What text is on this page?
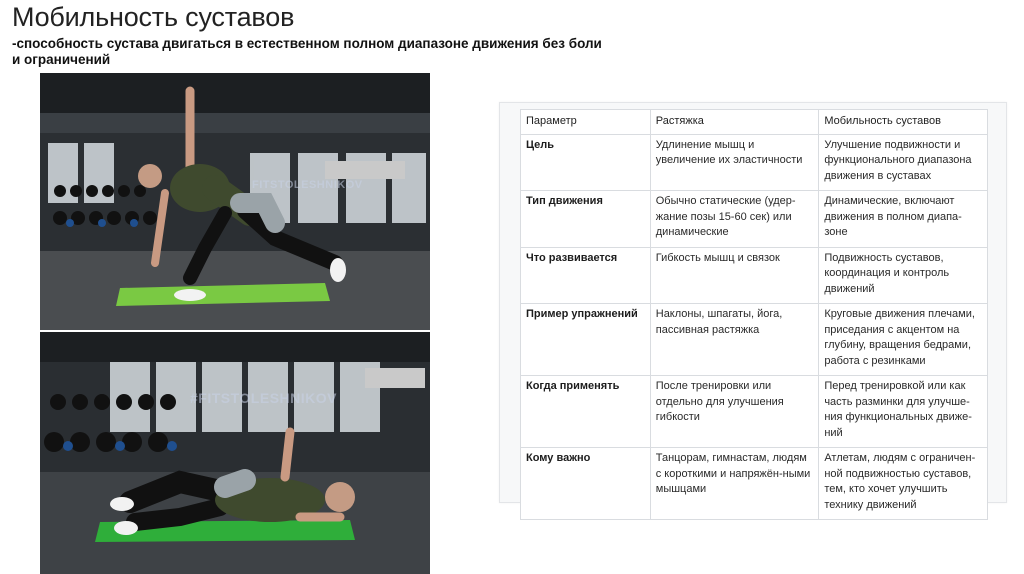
Мобильность суставов
-способность сустава двигаться в естественном полном диапазоне движения без боли и ограничений
FITSTOLESHNIKOV
#FITSTOLESHNIKOV
Параметр	Растяжка	Мобильность суставов
Цель	Удлинение мышц и увеличение их эластичности	Улучшение подвижности и функционального диапазона движения в суставах
Тип движения	Обычно статические (удер-жание позы 15-60 сек) или динамические	Динамические, включают движения в полном диапа-зоне
Что развивается	Гибкость мышц и связок	Подвижность суставов, координация и контроль движений
Пример упражнений	Наклоны, шпагаты, йога, пассивная растяжка	Круговые движения плечами, приседания с акцентом на глубину, вращения бедрами, работа с резинками
Когда применять	После тренировки или отдельно для улучшения гибкости	Перед тренировкой или как часть разминки для улучше-ния функциональных движе-ний
Кому важно	Танцорам, гимнастам, людям с короткими и напряжён-ными мышцами	Атлетам, людям с ограничен-ной подвижностью суставов, тем, кто хочет улучшить технику движений
